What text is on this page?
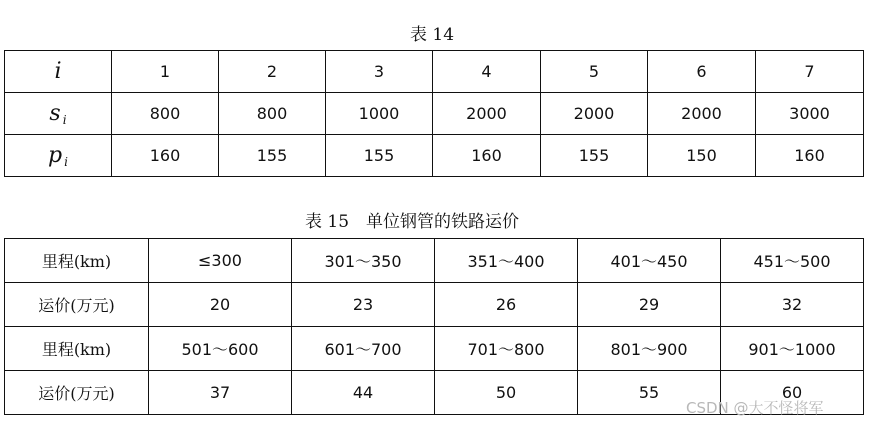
表 14
i	1	2	3	4	5	6	7
s $_i$	800	800	1000	2000	2000	2000	3000
p $_i$	160	155	155	160	155	150	160
表 15　单位钢管的铁路运价
里程(km)	≤300	301～350	351～400	401～450	451～500
运价(万元)	20	23	26	29	32
里程(km)	501～600	601～700	701～800	801～900	901～1000
运价(万元)	37	44	50	55	60
CSDN @大不怪将军
